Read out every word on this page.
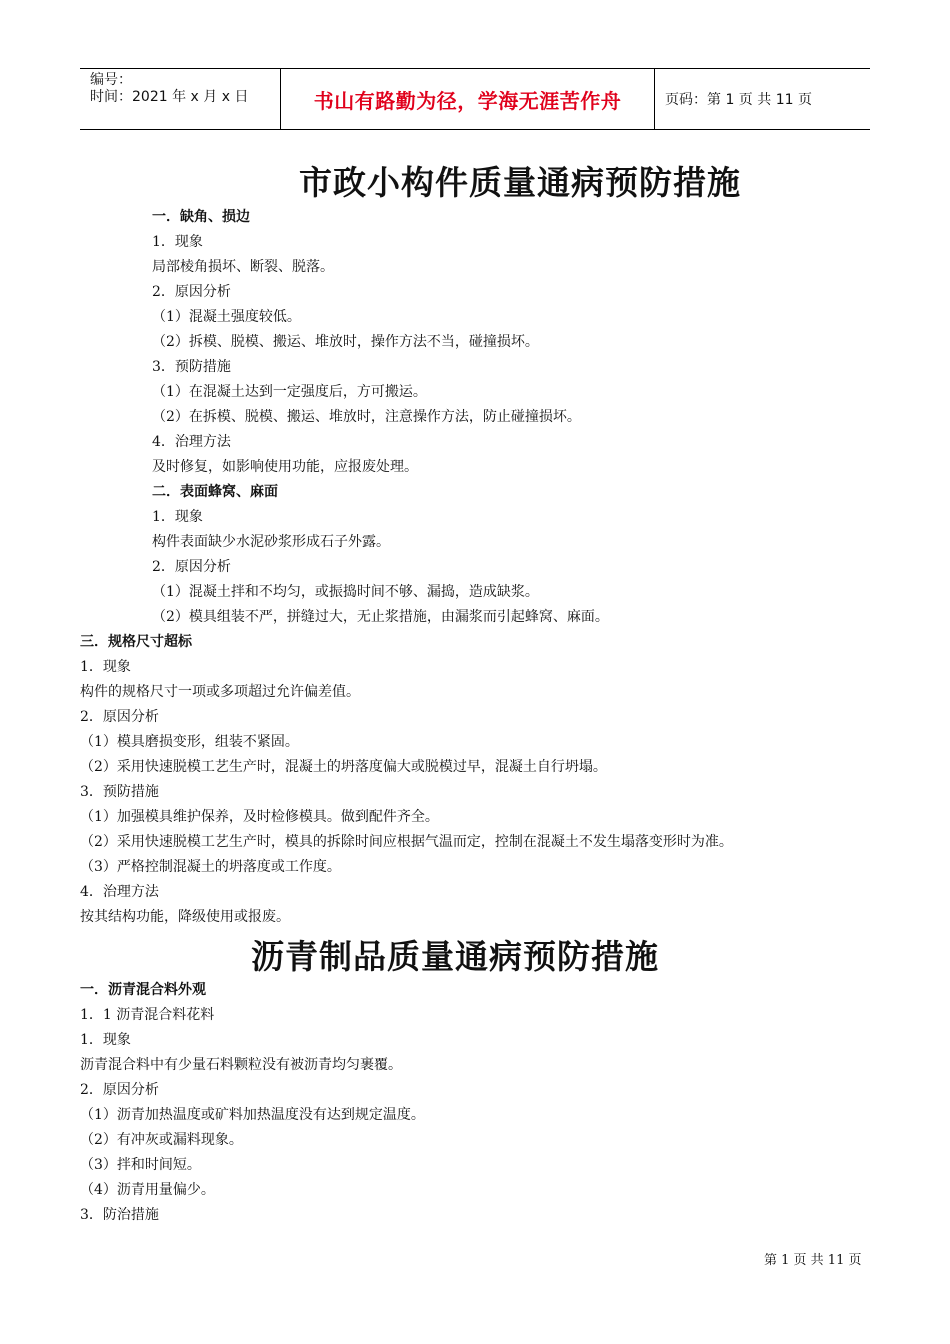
编号：
时间：2021 年 x 月 x 日	书山有路勤为径，学海无涯苦作舟	页码：第 1 页 共 11 页
市政小构件质量通病预防措施
一．缺角、损边
1．现象
局部棱角损坏、断裂、脱落。
2．原因分析
（1）混凝土强度较低。
（2）拆模、脱模、搬运、堆放时，操作方法不当，碰撞损坏。
3．预防措施
（1）在混凝土达到一定强度后，方可搬运。
（2）在拆模、脱模、搬运、堆放时，注意操作方法，防止碰撞损坏。
4．治理方法
及时修复，如影响使用功能，应报废处理。
二．表面蜂窝、麻面
1．现象
构件表面缺少水泥砂浆形成石子外露。
2．原因分析
（1）混凝土拌和不均匀，或振捣时间不够、漏捣，造成缺浆。
（2）模具组装不严，拼缝过大，无止浆措施，由漏浆而引起蜂窝、麻面。
三．规格尺寸超标
1．现象
构件的规格尺寸一项或多项超过允许偏差值。
2．原因分析
（1）模具磨损变形，组装不紧固。
（2）采用快速脱模工艺生产时，混凝土的坍落度偏大或脱模过早，混凝土自行坍塌。
3．预防措施
（1）加强模具维护保养，及时检修模具。做到配件齐全。
（2）采用快速脱模工艺生产时，模具的拆除时间应根据气温而定，控制在混凝土不发生塌落变形时为准。
（3）严格控制混凝土的坍落度或工作度。
4．治理方法
按其结构功能，降级使用或报废。
沥青制品质量通病预防措施
一．沥青混合料外观
1．1 沥青混合料花料
1．现象
沥青混合料中有少量石料颗粒没有被沥青均匀裹覆。
2．原因分析
（1）沥青加热温度或矿料加热温度没有达到规定温度。
（2）有冲灰或漏料现象。
（3）拌和时间短。
（4）沥青用量偏少。
3．防治措施
第 1 页 共 11 页
